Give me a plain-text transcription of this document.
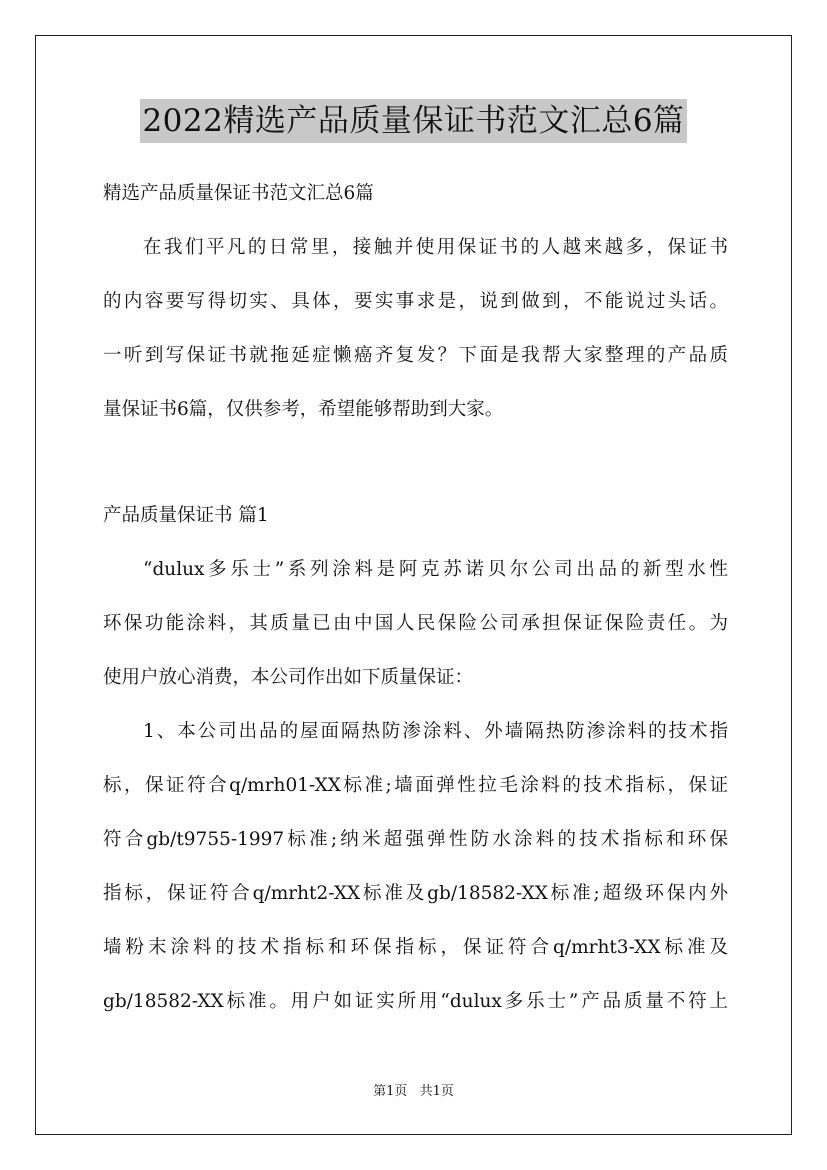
2022精选产品质量保证书范文汇总6篇
精选产品质量保证书范文汇总6篇
在我们平凡的日常里，接触并使用保证书的人越来越多，保证书
的内容要写得切实、具体，要实事求是，说到做到，不能说过头话。
一听到写保证书就拖延症懒癌齐复发？下面是我帮大家整理的产品质
量保证书6篇，仅供参考，希望能够帮助到大家。
产品质量保证书 篇1
“dulux多乐士”系列涂料是阿克苏诺贝尔公司出品的新型水性
环保功能涂料，其质量已由中国人民保险公司承担保证保险责任。为
使用户放心消费，本公司作出如下质量保证：
1、本公司出品的屋面隔热防渗涂料、外墙隔热防渗涂料的技术指
标，保证符合q/mrh01-XX标准;墙面弹性拉毛涂料的技术指标，保证
符合gb/t9755-1997标准;纳米超强弹性防水涂料的技术指标和环保
指标，保证符合q/mrht2-XX标准及gb/18582-XX标准;超级环保内外
墙粉末涂料的技术指标和环保指标，保证符合q/mrht3-XX标准及
gb/18582-XX标准。用户如证实所用“dulux多乐士”产品质量不符上
第1页 共1页
